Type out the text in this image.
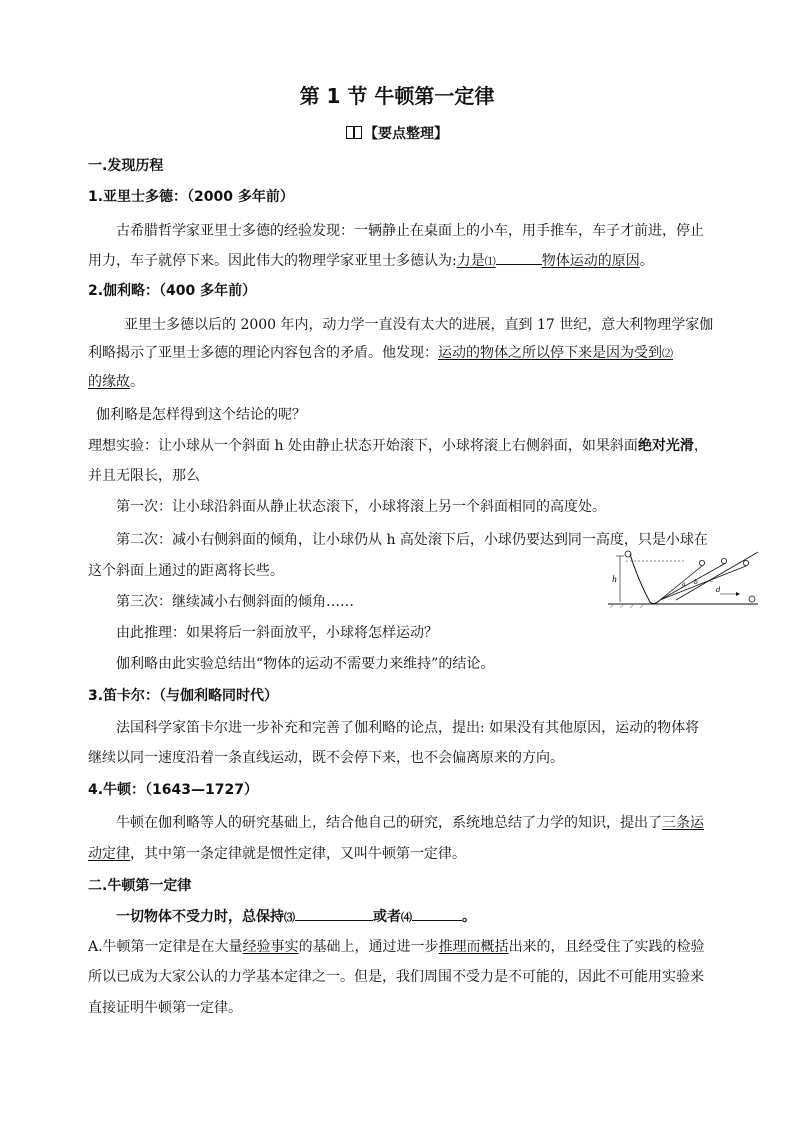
第 1 节 牛顿第一定律
【要点整理】
一.发现历程
1.亚里士多德：（2000 多年前）
古希腊哲学家亚里士多德的经验发现：一辆静止在桌面上的小车，用手推车，车子才前进，停止
用力，车子就停下来。因此伟大的物理学家亚里士多德认为:力是⑴	物体运动的原因。
2.伽利略：（400 多年前）
亚里士多德以后的 2000 年内，动力学一直没有太大的进展，直到 17 世纪，意大利物理学家伽
利略揭示了亚里士多德的理论内容包含的矛盾。他发现：运动的物体之所以停下来是因为受到⑵
的缘故。
伽利略是怎样得到这个结论的呢？
理想实验：让小球从一个斜面 h 处由静止状态开始滚下，小球将滚上右侧斜面，如果斜面绝对光滑，
并且无限长，那么
第一次：让小球沿斜面从静止状态滚下，小球将滚上另一个斜面相同的高度处。
第二次：减小右侧斜面的倾角，让小球仍从 h 高处滚下后，小球仍要达到同一高度，只是小球在
这个斜面上通过的距离将长些。
第三次：继续减小右侧斜面的倾角……
由此推理：如果将后一斜面放平，小球将怎样运动？
伽利略由此实验总结出“物体的运动不需要力来维持”的结论。
h
a b c
d
3.笛卡尔：（与伽利略同时代）
法国科学家笛卡尔进一步补充和完善了伽利略的论点，提出: 如果没有其他原因，运动的物体将
继续以同一速度沿着一条直线运动，既不会停下来，也不会偏离原来的方向。
4.牛顿：（1643—1727）
牛顿在伽利略等人的研究基础上，结合他自己的研究，系统地总结了力学的知识，提出了三条运
动定律，其中第一条定律就是惯性定律，又叫牛顿第一定律。
二.牛顿第一定律
一切物体不受力时，总保持⑶	或者⑷	。
A.牛顿第一定律是在大量经验事实的基础上，通过进一步推理而概括出来的，且经受住了实践的检验
所以已成为大家公认的力学基本定律之一。但是，我们周围不受力是不可能的，因此不可能用实验来
直接证明牛顿第一定律。
